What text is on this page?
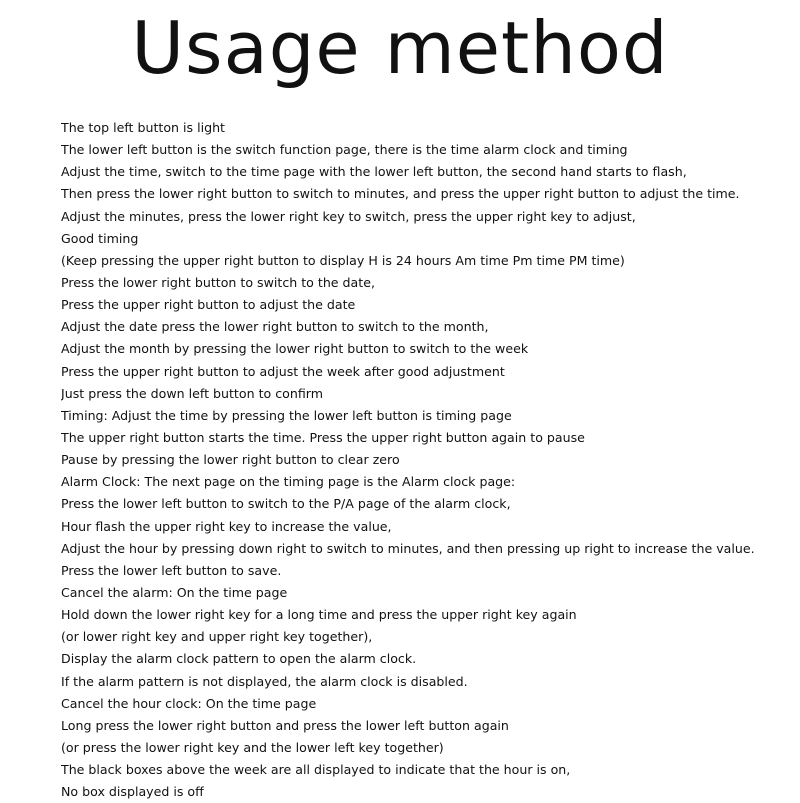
Usage method
The top left button is light
The lower left button is the switch function page, there is the time alarm clock and timing
Adjust the time, switch to the time page with the lower left button, the second hand starts to flash,
Then press the lower right button to switch to minutes, and press the upper right button to adjust the time.
Adjust the minutes, press the lower right key to switch, press the upper right key to adjust,
Good timing
(Keep pressing the upper right button to display H is 24 hours Am time Pm time PM time)
Press the lower right button to switch to the date,
Press the upper right button to adjust the date
Adjust the date press the lower right button to switch to the month,
Adjust the month by pressing the lower right button to switch to the week
Press the upper right button to adjust the week after good adjustment
Just press the down left button to confirm
Timing: Adjust the time by pressing the lower left button is timing page
The upper right button starts the time. Press the upper right button again to pause
Pause by pressing the lower right button to clear zero
Alarm Clock: The next page on the timing page is the Alarm clock page:
Press the lower left button to switch to the P/A page of the alarm clock,
Hour flash the upper right key to increase the value,
Adjust the hour by pressing down right to switch to minutes, and then pressing up right to increase the value.
Press the lower left button to save.
Cancel the alarm: On the time page
Hold down the lower right key for a long time and press the upper right key again
(or lower right key and upper right key together),
Display the alarm clock pattern to open the alarm clock.
If the alarm pattern is not displayed, the alarm clock is disabled.
Cancel the hour clock: On the time page
Long press the lower right button and press the lower left button again
(or press the lower right key and the lower left key together)
The black boxes above the week are all displayed to indicate that the hour is on,
No box displayed is off
